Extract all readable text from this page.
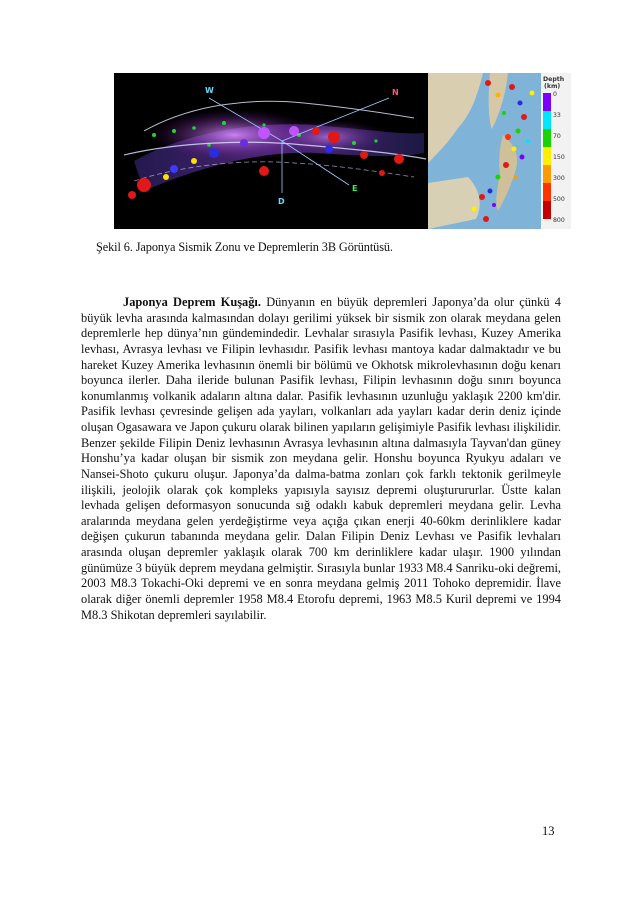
W	N
D
E
Depth
(km)
0
33
70
150
300
500
800
Şekil 6. Japonya Sismik Zonu ve Depremlerin 3B Görüntüsü.

Japonya Deprem Kuşağı. Dünyanın en büyük depremleri Japonya’da olur çünkü 4 büyük levha arasında kalmasından dolayı gerilimi yüksek bir sismik zon olarak meydana gelen depremlerle hep dünya’nın gündemindedir. Levhalar sırasıyla Pasifik levhası, Kuzey Amerika levhası, Avrasya levhası ve Filipin levhasıdır. Pasifik levhası mantoya kadar dalmaktadır ve bu hareket Kuzey Amerika levhasının önemli bir bölümü ve Okhotsk mikrolevhasının doğu kenarı boyunca ilerler. Daha ileride bulunan Pasifik levhası, Filipin levhasının doğu sınırı boyunca konumlanmış volkanik adaların altına dalar. Pasifik levhasının uzunluğu yaklaşık 2200 km'dir. Pasifik levhası çevresinde gelişen ada yayları, volkanları ada yayları kadar derin deniz içinde oluşan Ogasawara ve Japon çukuru olarak bilinen yapıların gelişimiyle Pasifik levhası ilişkilidir. Benzer şekilde Filipin Deniz levhasının Avrasya levhasının altına dalmasıyla Tayvan'dan güney Honshu’ya kadar oluşan bir sismik zon meydana gelir. Honshu boyunca Ryukyu adaları ve Nansei-Shoto çukuru oluşur. Japonya’da dalma-batma zonları çok farklı tektonik gerilmeyle ilişkili, jeolojik olarak çok kompleks yapısıyla sayısız depremi oluşturururlar. Üstte kalan levhada gelişen deformasyon sonucunda sığ odaklı kabuk depremleri meydana gelir. Levha aralarında meydana gelen yerdeğiştirme veya açığa çıkan enerji 40-60km derinliklere kadar değişen çukurun tabanında meydana gelir. Dalan Filipin Deniz Levhası ve Pasifik levhaları arasında oluşan depremler yaklaşık olarak 700 km derinliklere kadar ulaşır. 1900 yılından günümüze 3 büyük deprem meydana gelmiştir. Sırasıyla bunlar 1933 M8.4 Sanriku-oki değremi, 2003 M8.3 Tokachi-Oki depremi ve en sonra meydana gelmiş 2011 Tohoko depremidir. İlave olarak diğer önemli depremler 1958 M8.4 Etorofu depremi, 1963 M8.5 Kuril depremi ve 1994 M8.3 Shikotan depremleri sayılabilir.

13
